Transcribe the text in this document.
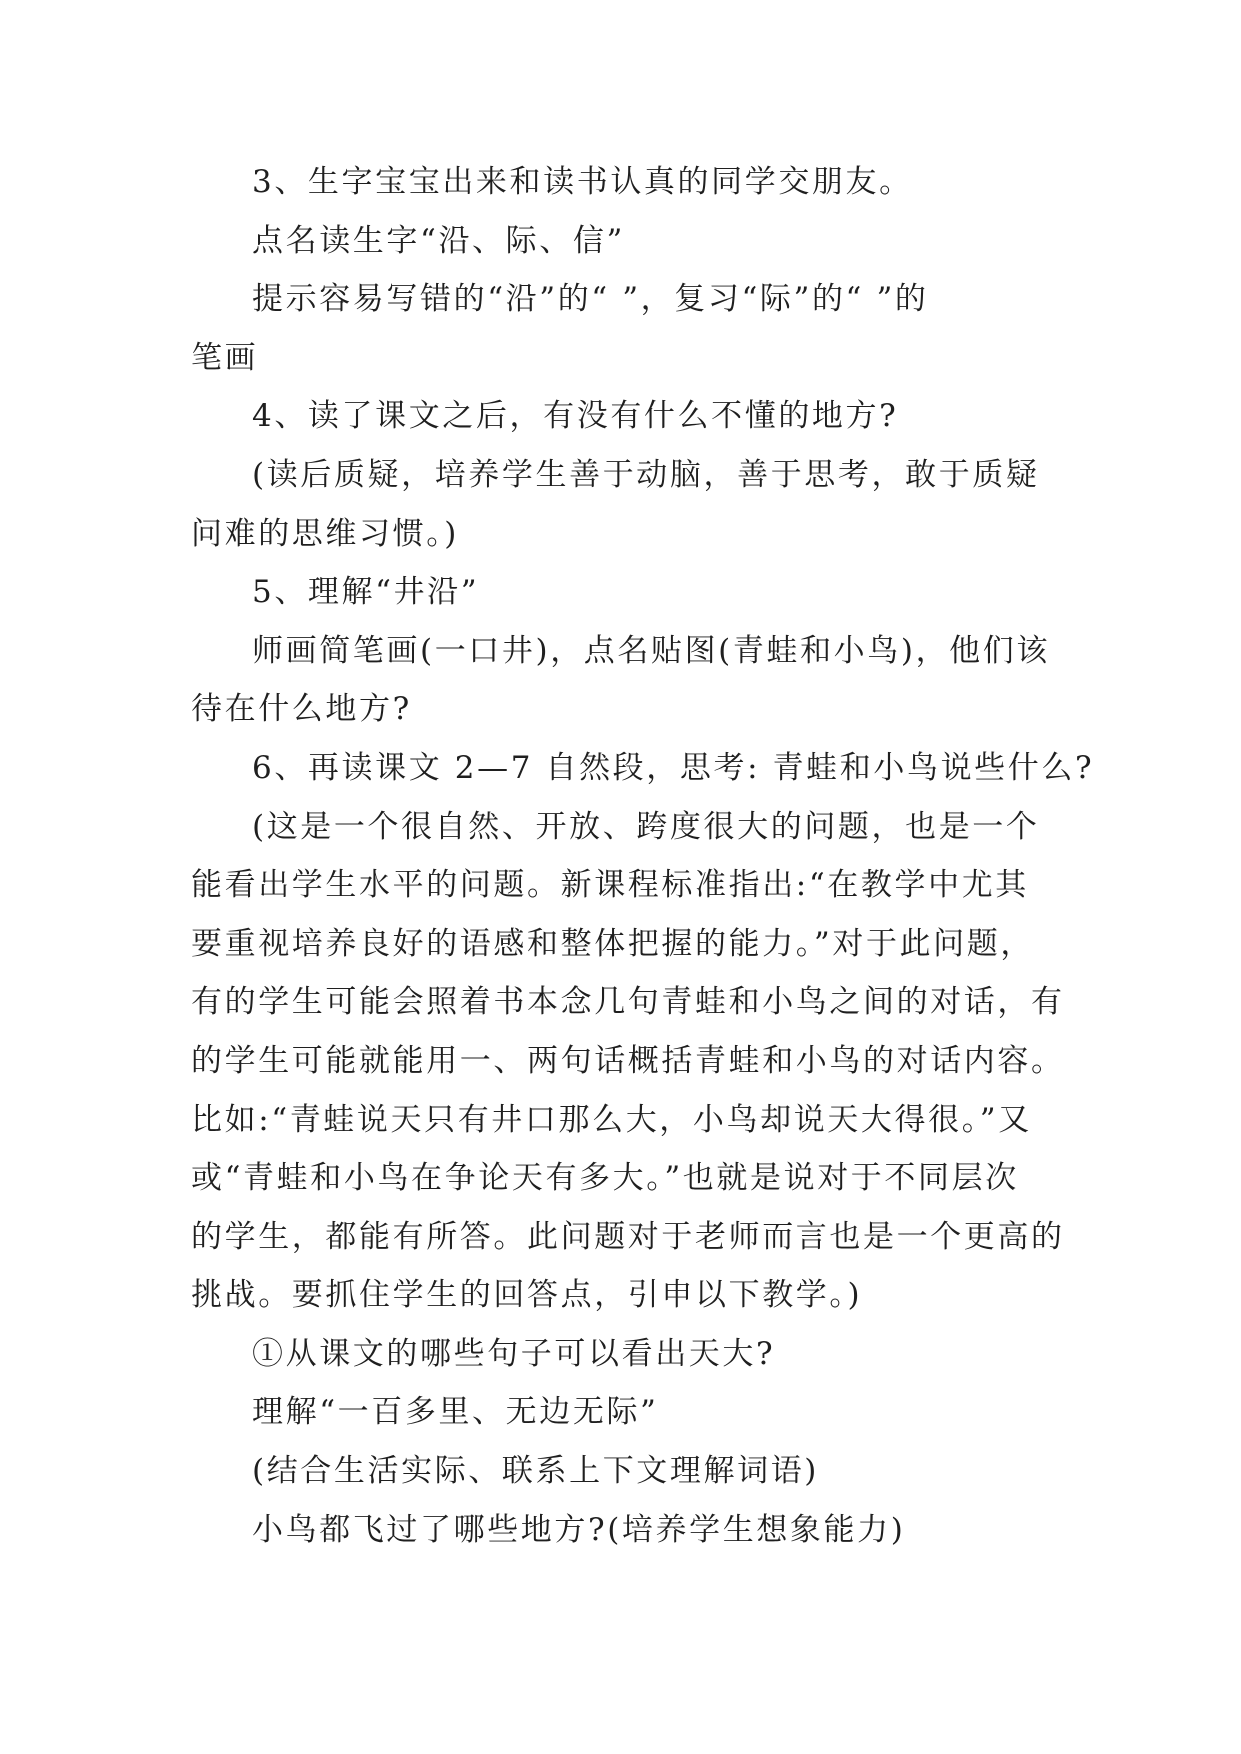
3、生字宝宝出来和读书认真的同学交朋友。
点名读生字“沿、际、信”
提示容易写错的“沿”的“ ”，复习“际”的“ ”的
笔画
4、读了课文之后，有没有什么不懂的地方?
(读后质疑，培养学生善于动脑，善于思考，敢于质疑
问难的思维习惯。)
5、理解“井沿”
师画简笔画(一口井)，点名贴图(青蛙和小鸟)，他们该
待在什么地方?
6、再读课文 2—7 自然段，思考: 青蛙和小鸟说些什么?
(这是一个很自然、开放、跨度很大的问题，也是一个
能看出学生水平的问题。新课程标准指出:“在教学中尤其
要重视培养良好的语感和整体把握的能力。”对于此问题，
有的学生可能会照着书本念几句青蛙和小鸟之间的对话，有
的学生可能就能用一、两句话概括青蛙和小鸟的对话内容。
比如:“青蛙说天只有井口那么大，小鸟却说天大得很。”又
或“青蛙和小鸟在争论天有多大。”也就是说对于不同层次
的学生，都能有所答。此问题对于老师而言也是一个更高的
挑战。要抓住学生的回答点，引申以下教学。)
①从课文的哪些句子可以看出天大?
理解“一百多里、无边无际”
(结合生活实际、联系上下文理解词语)
小鸟都飞过了哪些地方?(培养学生想象能力)
